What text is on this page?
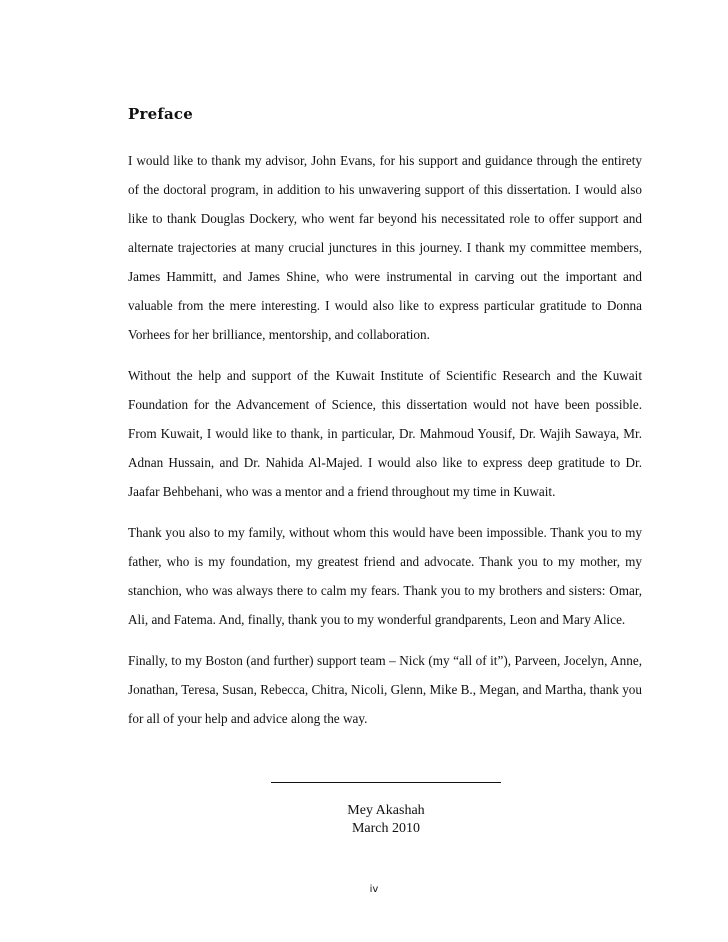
Preface

I would like to thank my advisor, John Evans, for his support and guidance through the entirety of the doctoral program, in addition to his unwavering support of this dissertation. I would also like to thank Douglas Dockery, who went far beyond his necessitated role to offer support and alternate trajectories at many crucial junctures in this journey. I thank my committee members, James Hammitt, and James Shine, who were instrumental in carving out the important and valuable from the mere interesting. I would also like to express particular gratitude to Donna Vorhees for her brilliance, mentorship, and collaboration.

Without the help and support of the Kuwait Institute of Scientific Research and the Kuwait Foundation for the Advancement of Science, this dissertation would not have been possible. From Kuwait, I would like to thank, in particular, Dr. Mahmoud Yousif, Dr. Wajih Sawaya, Mr. Adnan Hussain, and Dr. Nahida Al-Majed. I would also like to express deep gratitude to Dr. Jaafar Behbehani, who was a mentor and a friend throughout my time in Kuwait.

Thank you also to my family, without whom this would have been impossible. Thank you to my father, who is my foundation, my greatest friend and advocate. Thank you to my mother, my stanchion, who was always there to calm my fears. Thank you to my brothers and sisters: Omar, Ali, and Fatema. And, finally, thank you to my wonderful grandparents, Leon and Mary Alice.

Finally, to my Boston (and further) support team – Nick (my “all of it”), Parveen, Jocelyn, Anne, Jonathan, Teresa, Susan, Rebecca, Chitra, Nicoli, Glenn, Mike B., Megan, and Martha, thank you for all of your help and advice along the way.

Mey Akashah
March 2010
iv
